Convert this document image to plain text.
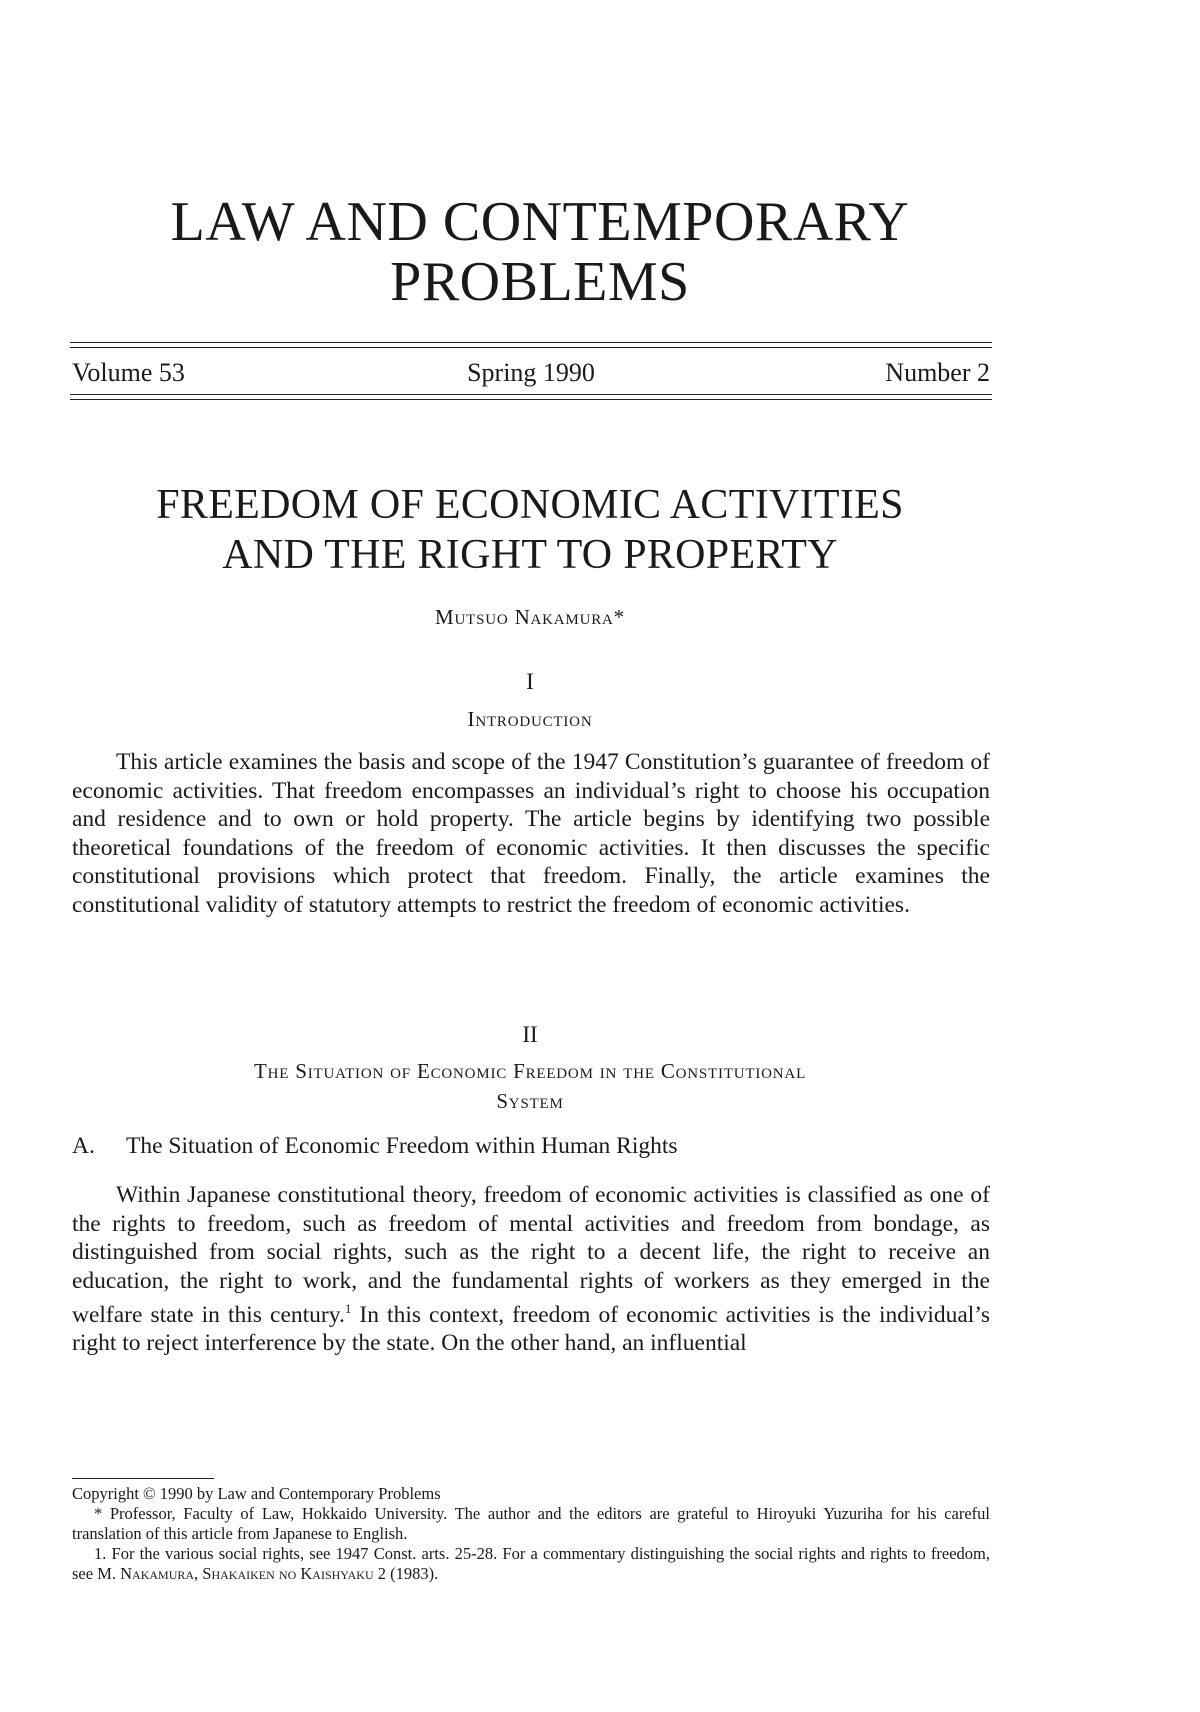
LAW AND CONTEMPORARY
PROBLEMS
Volume 53	Spring 1990	Number 2
FREEDOM OF ECONOMIC ACTIVITIES
AND THE RIGHT TO PROPERTY
Mutsuo Nakamura*
I
Introduction
This article examines the basis and scope of the 1947 Constitution’s guarantee of freedom of economic activities. That freedom encompasses an individual’s right to choose his occupation and residence and to own or hold property. The article begins by identifying two possible theoretical foundations of the freedom of economic activities. It then discusses the specific constitutional provisions which protect that freedom. Finally, the article examines the constitutional validity of statutory attempts to restrict the freedom of economic activities.
II
The Situation of Economic Freedom in the Constitutional
System
A. The Situation of Economic Freedom within Human Rights
Within Japanese constitutional theory, freedom of economic activities is classified as one of the rights to freedom, such as freedom of mental activities and freedom from bondage, as distinguished from social rights, such as the right to a decent life, the right to receive an education, the right to work, and the fundamental rights of workers as they emerged in the welfare state in this century.$^1$ In this context, freedom of economic activities is the individual’s right to reject interference by the state. On the other hand, an influential
Copyright © 1990 by Law and Contemporary Problems
* Professor, Faculty of Law, Hokkaido University. The author and the editors are grateful to Hiroyuki Yuzuriha for his careful translation of this article from Japanese to English.
1. For the various social rights, see 1947 Const. arts. 25-28. For a commentary distinguishing the social rights and rights to freedom, see M. Nakamura, Shakaiken no Kaishyaku 2 (1983).
